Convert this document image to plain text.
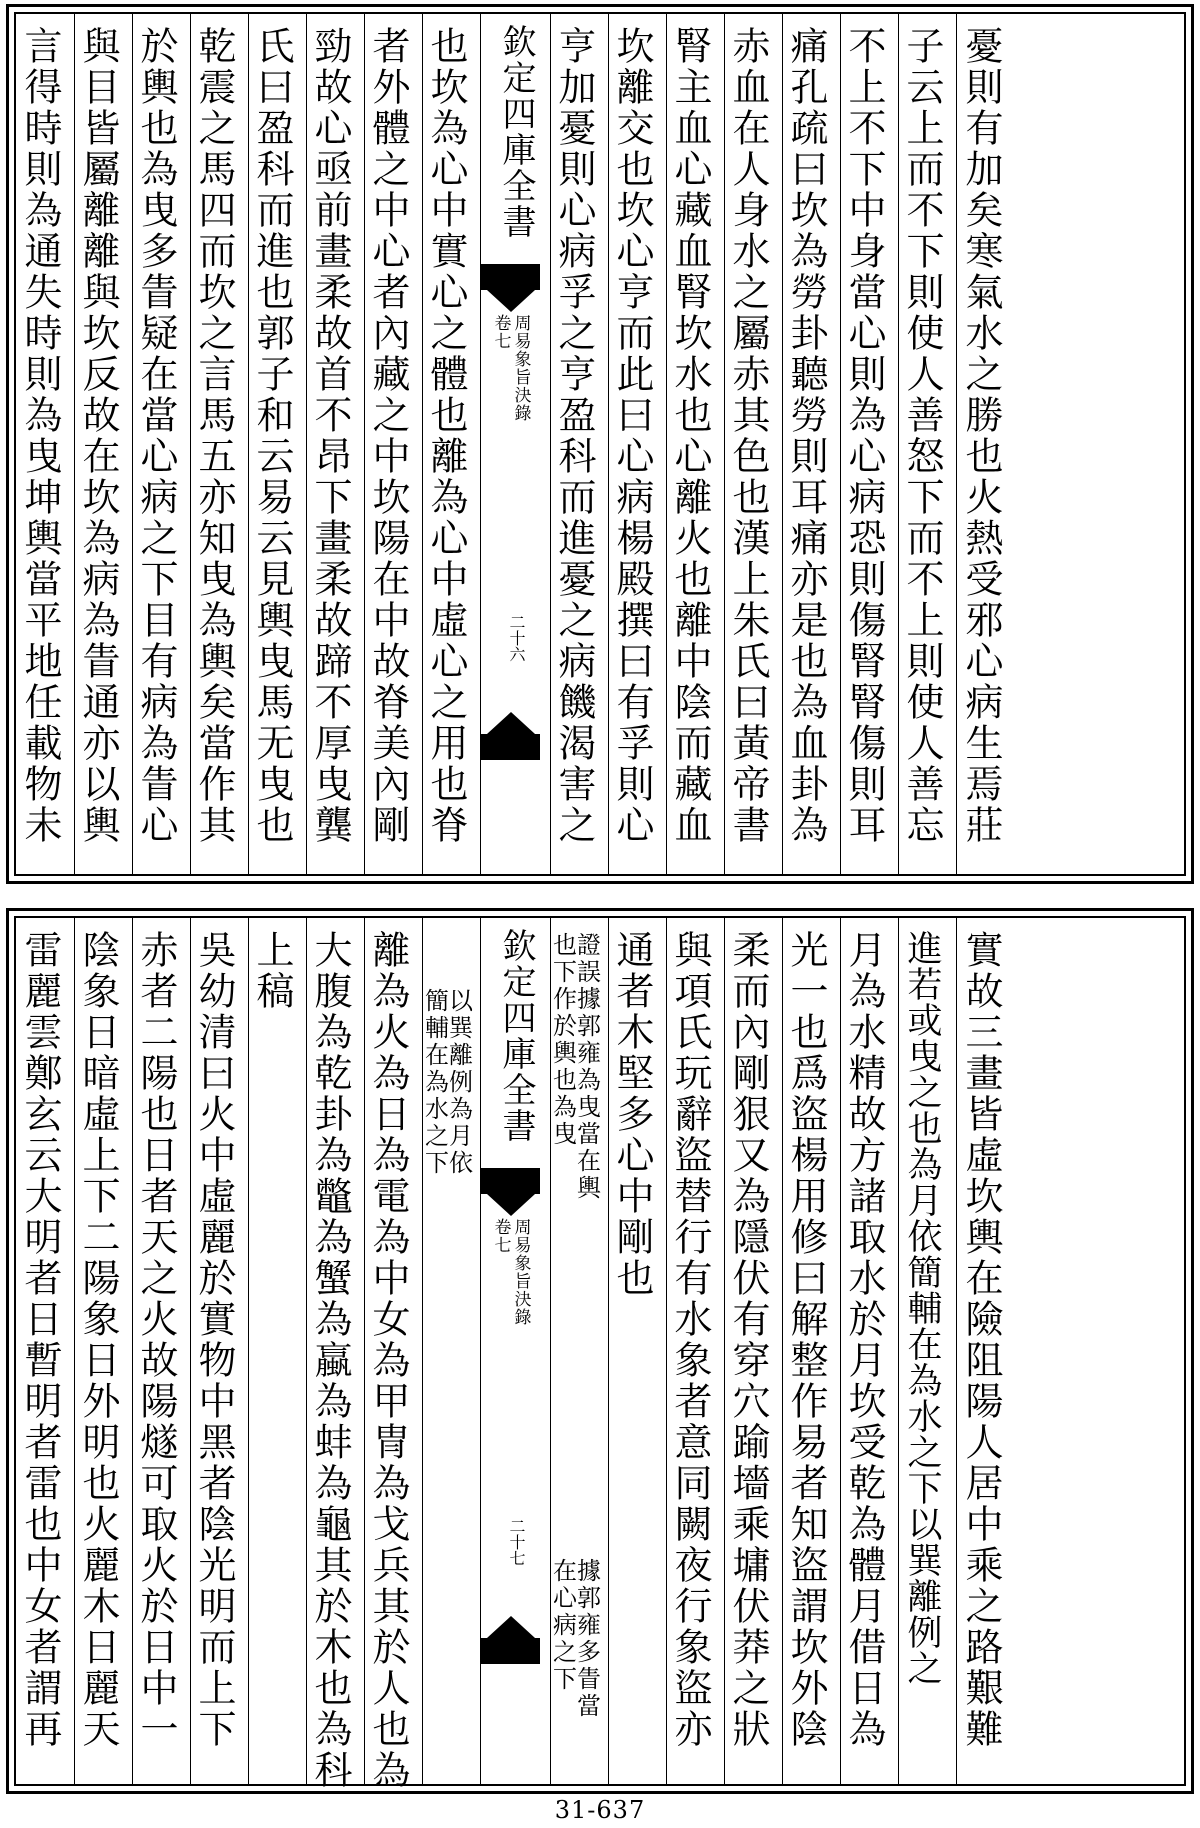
言得時則為通失時則為曳坤輿當平地任載物未 與目皆屬離離與坎反故在坎為病為眚通亦以輿 於輿也為曳多眚疑在當心病之下目有病為眚心 乾震之馬四而坎之言馬五亦知曳為輿矣當作其 氏曰盈科而進也郭子和云易云見輿曳馬无曳也 勁故心亟前畫柔故首不昂下畫柔故蹄不厚曳龔 者外體之中心者內藏之中坎陽在中故脊美內剛 也坎為心中實心之體也離為心中虛心之用也脊 欽定四庫全書
周易象旨決錄
卷七
二十六 亨加憂則心病孚之亨盈科而進憂之病饑渴害之 坎離交也坎心亨而此曰心病楊殿撰曰有孚則心 腎主血心藏血腎坎水也心離火也離中陰而藏血 赤血在人身水之屬赤其色也漢上朱氏曰黃帝書 痛孔疏曰坎為勞卦聽勞則耳痛亦是也為血卦為 不上不下中身當心則為心病恐則傷腎腎傷則耳 子云上而不下則使人善怒下而不上則使人善忘 憂則有加矣寒氣水之勝也火熱受邪心病生焉莊
雷麗雲鄭玄云大明者日暫明者雷也中女者謂再 陰象日暗虛上下二陽象日外明也火麗木日麗天 赤者二陽也日者天之火故陽燧可取火於日中一 吳幼清曰火中虛麗於實物中黑者陰光明而上下 上稿 大腹為乾卦為鼈為蟹為蠃為蚌為龜其於木也為科 離為火為日為電為中女為甲冑為戈兵其於人也為 以巽離例為月依
簡輔在為水之下	欽定四庫全書
周易象旨決錄
卷七
二十七
證誤據郭雍為曳當在輿
也下作於輿也為曳
據郭雍多眚當
在心病之下
通者木堅多心中剛也 與項氏玩辭盜替行有水象者意同闕夜行象盜亦 柔而內剛狠又為隱伏有穿穴踰墻乘墉伏莽之狀 光一也爲盜楊用修曰解整作易者知盜謂坎外陰 月為水精故方諸取水於月坎受乾為體月借日為 進若或曳之也為月依簡輔在為水之下以巽離例之 實故三畫皆虛坎輿在險阻陽人居中乘之路艱難
31-637
